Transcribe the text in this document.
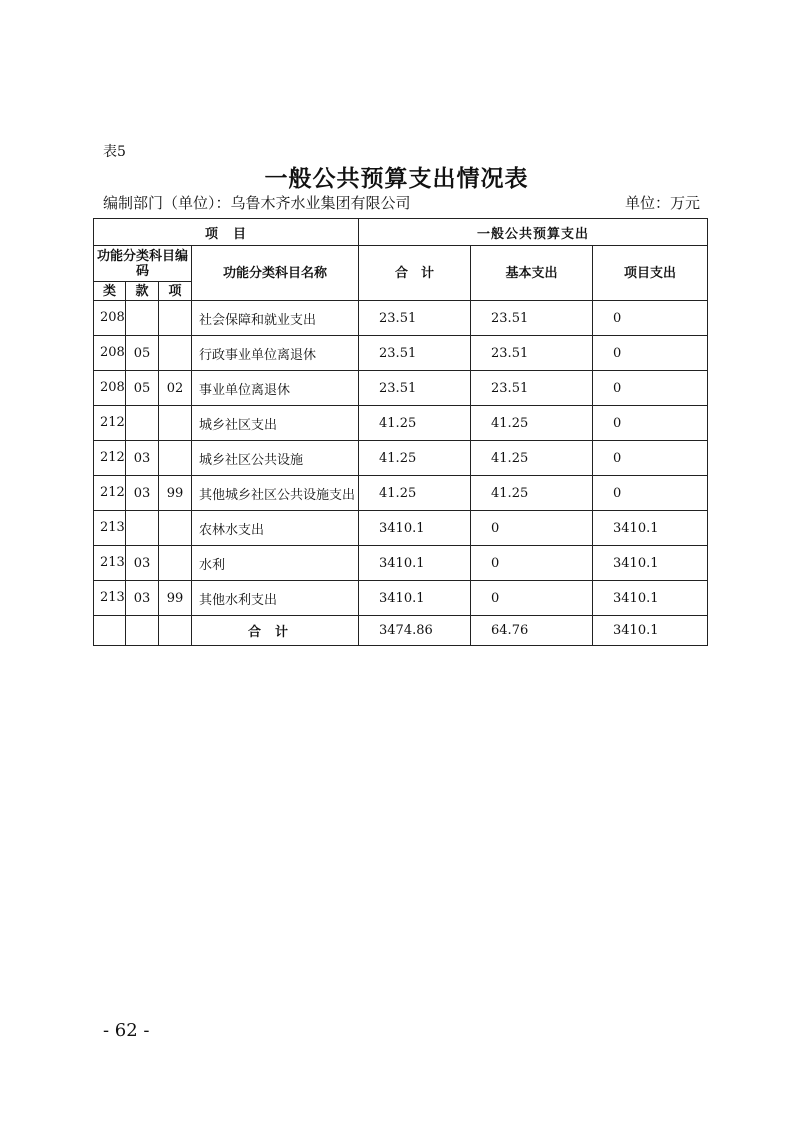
表5
一般公共预算支出情况表
编制部门（单位）：乌鲁木齐水业集团有限公司	单位：万元
项　目				一般公共预算支出		
功能分类科目编码			功能分类科目名称	合　计	基本支出	项目支出
类	款	项				
208			社会保障和就业支出	23.51	23.51	0
208	05		行政事业单位离退休	23.51	23.51	0
208	05	02	事业单位离退休	23.51	23.51	0
212			城乡社区支出	41.25	41.25	0
212	03		城乡社区公共设施	41.25	41.25	0
212	03	99	其他城乡社区公共设施支出	41.25	41.25	0
213			农林水支出	3410.1	0	3410.1
213	03		水利	3410.1	0	3410.1
213	03	99	其他水利支出	3410.1	0	3410.1
			合计	3474.86	64.76	3410.1
- 62 -
